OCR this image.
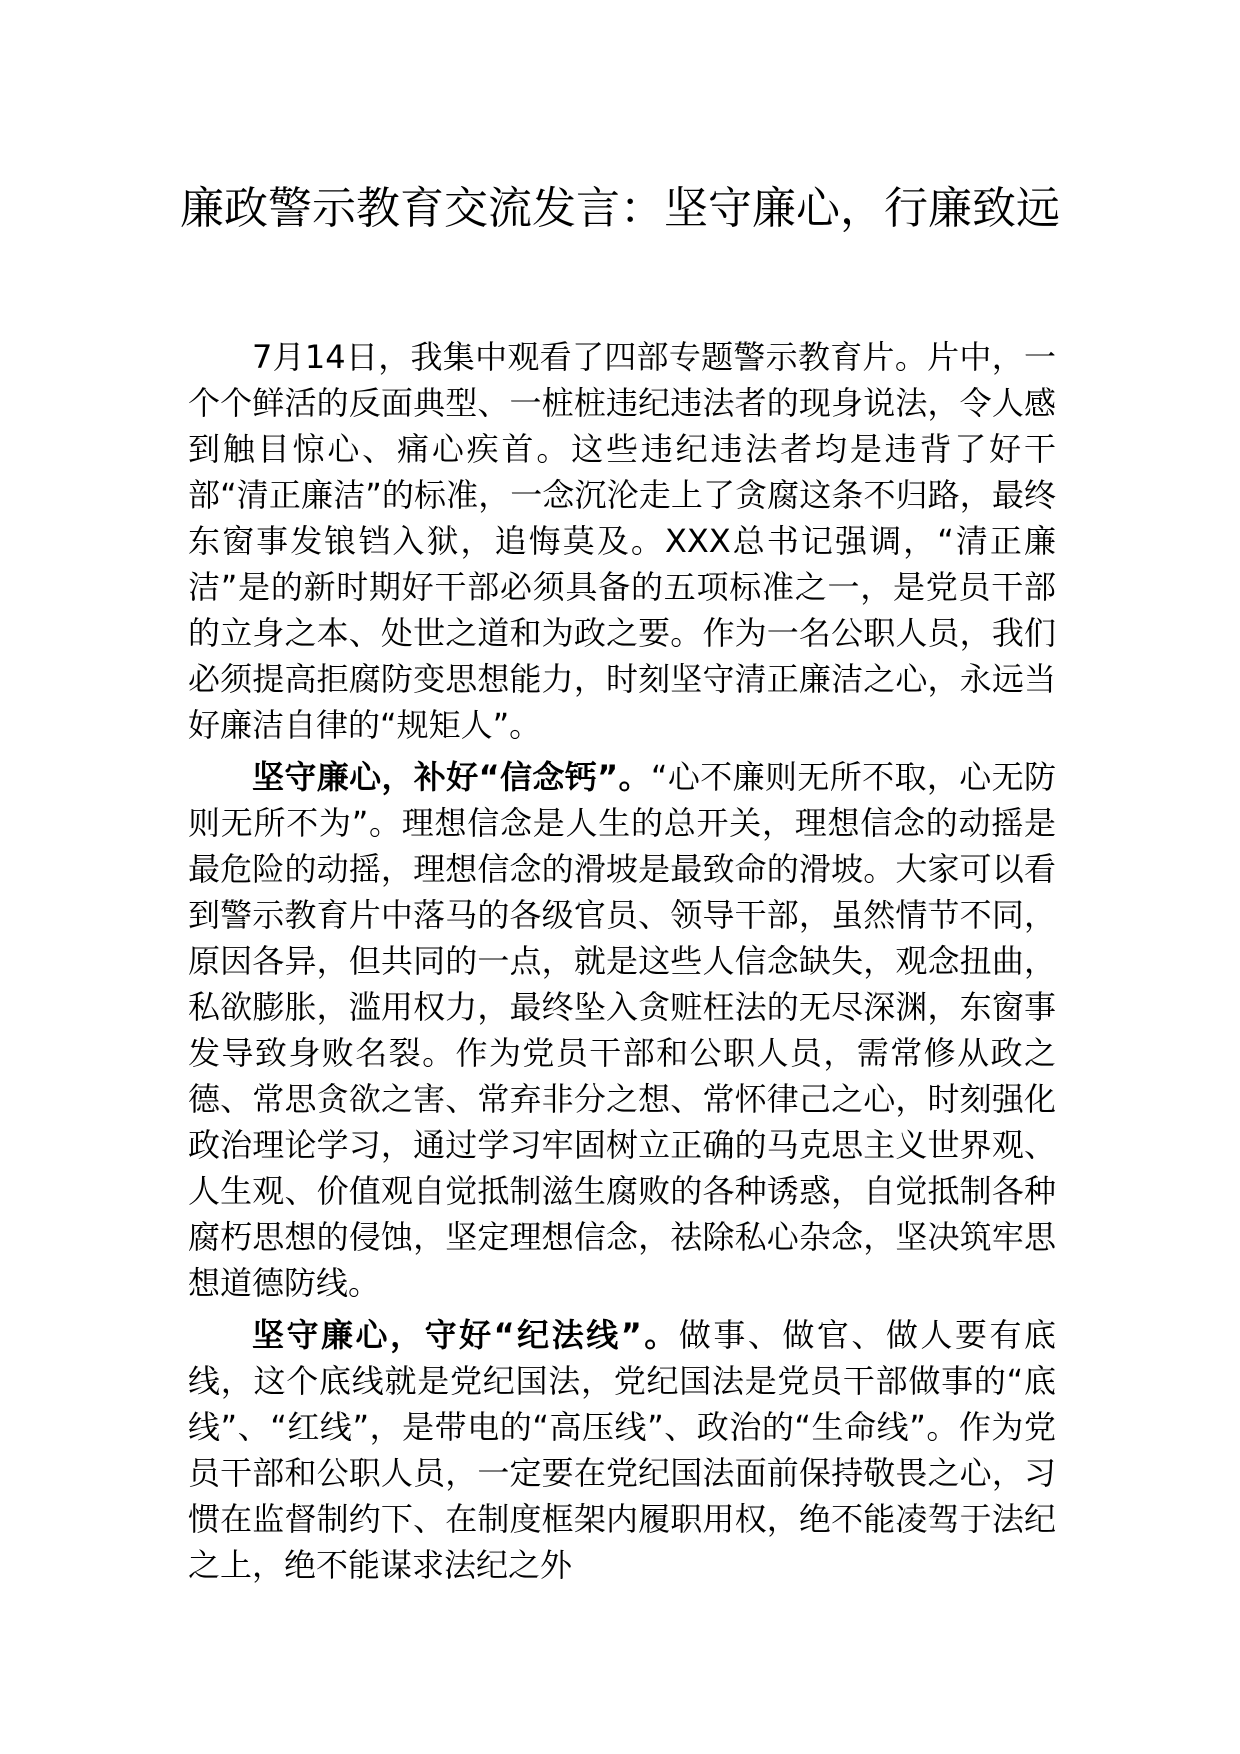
廉政警示教育交流发言：坚守廉心，行廉致远

7月14日，我集中观看了四部专题警示教育片。片中，一个个鲜活的反面典型、一桩桩违纪违法者的现身说法，令人感到触目惊心、痛心疾首。这些违纪违法者均是违背了好干部“清正廉洁”的标准，一念沉沦走上了贪腐这条不归路，最终东窗事发锒铛入狱，追悔莫及。XXX总书记强调，“清正廉洁”是的新时期好干部必须具备的五项标准之一，是党员干部的立身之本、处世之道和为政之要。作为一名公职人员，我们必须提高拒腐防变思想能力，时刻坚守清正廉洁之心，永远当好廉洁自律的“规矩人”。

坚守廉心，补好“信念钙”。“心不廉则无所不取，心无防则无所不为”。理想信念是人生的总开关，理想信念的动摇是最危险的动摇，理想信念的滑坡是最致命的滑坡。大家可以看到警示教育片中落马的各级官员、领导干部，虽然情节不同，原因各异，但共同的一点，就是这些人信念缺失，观念扭曲，私欲膨胀，滥用权力，最终坠入贪赃枉法的无尽深渊，东窗事发导致身败名裂。作为党员干部和公职人员，需常修从政之德、常思贪欲之害、常弃非分之想、常怀律己之心，时刻强化政治理论学习，通过学习牢固树立正确的马克思主义世界观、人生观、价值观自觉抵制滋生腐败的各种诱惑，自觉抵制各种腐朽思想的侵蚀，坚定理想信念，祛除私心杂念，坚决筑牢思想道德防线。

坚守廉心，守好“纪法线”。做事、做官、做人要有底线，这个底线就是党纪国法，党纪国法是党员干部做事的“底线”、“红线”，是带电的“高压线”、政治的“生命线”。作为党员干部和公职人员，一定要在党纪国法面前保持敬畏之心，习惯在监督制约下、在制度框架内履职用权，绝不能凌驾于法纪之上，绝不能谋求法纪之外
